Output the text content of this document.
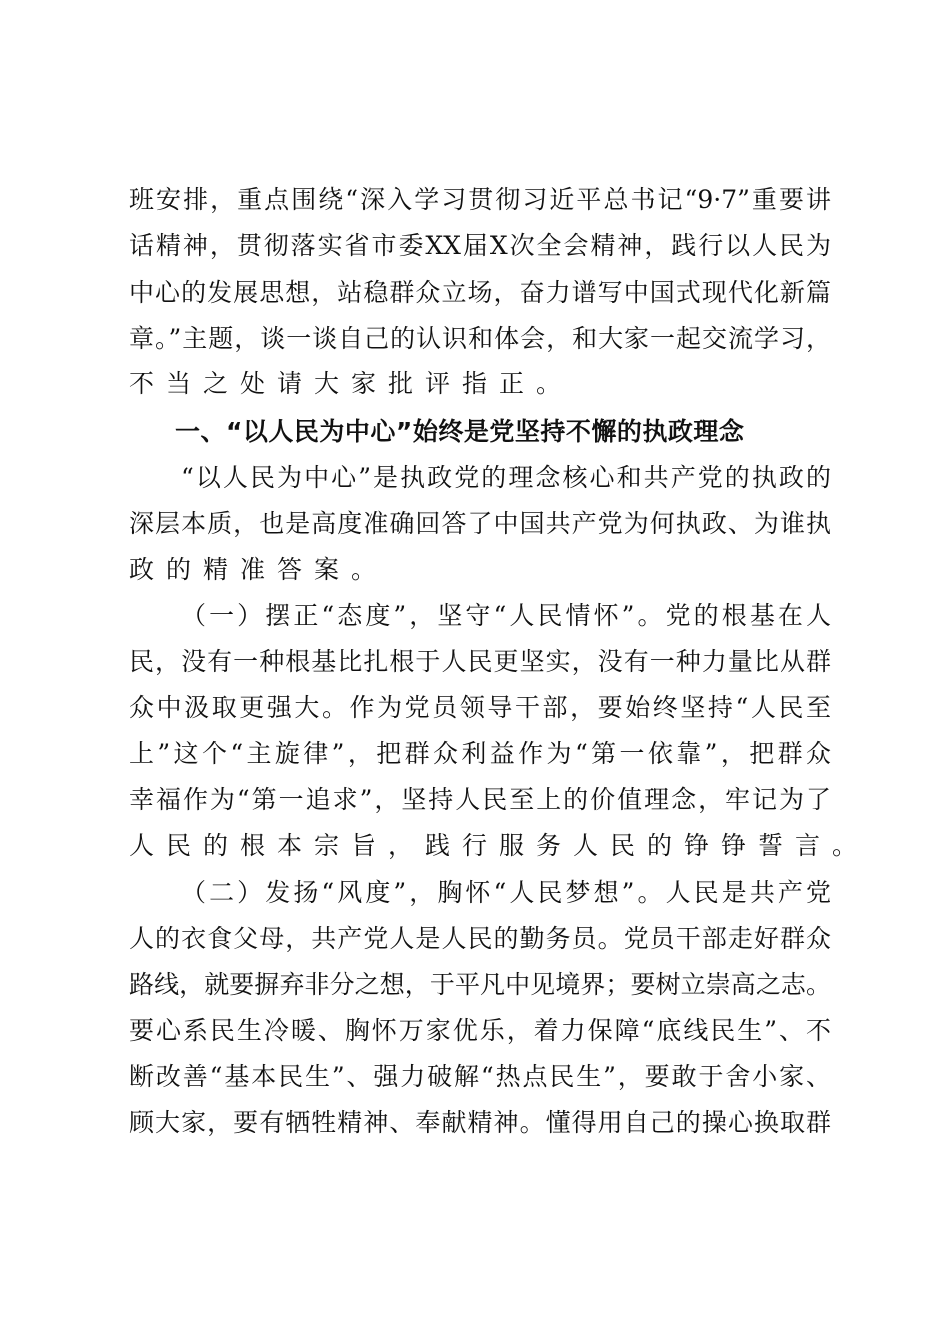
班安排，重点围绕“深入学习贯彻习近平总书记“9·7”重要讲
话精神，贯彻落实省市委XX届X次全会精神，践行以人民为
中心的发展思想，站稳群众立场，奋力谱写中国式现代化新篇
章。”主题，谈一谈自己的认识和体会，和大家一起交流学习，
不当之处请大家批评指正。
一、“以人民为中心”始终是党坚持不懈的执政理念
“以人民为中心”是执政党的理念核心和共产党的执政的
深层本质，也是高度准确回答了中国共产党为何执政、为谁执
政的精准答案。
（一）摆正“态度”，坚守“人民情怀”。党的根基在人
民，没有一种根基比扎根于人民更坚实，没有一种力量比从群
众中汲取更强大。作为党员领导干部，要始终坚持“人民至
上”这个“主旋律”，把群众利益作为“第一依靠”，把群众
幸福作为“第一追求”，坚持人民至上的价值理念，牢记为了
人民的根本宗旨，践行服务人民的铮铮誓言。
（二）发扬“风度”，胸怀“人民梦想”。人民是共产党
人的衣食父母，共产党人是人民的勤务员。党员干部走好群众
路线，就要摒弃非分之想，于平凡中见境界；要树立崇高之志。
要心系民生冷暖、胸怀万家优乐，着力保障“底线民生”、不
断改善“基本民生”、强力破解“热点民生”，要敢于舍小家、
顾大家，要有牺牲精神、奉献精神。懂得用自己的操心换取群
